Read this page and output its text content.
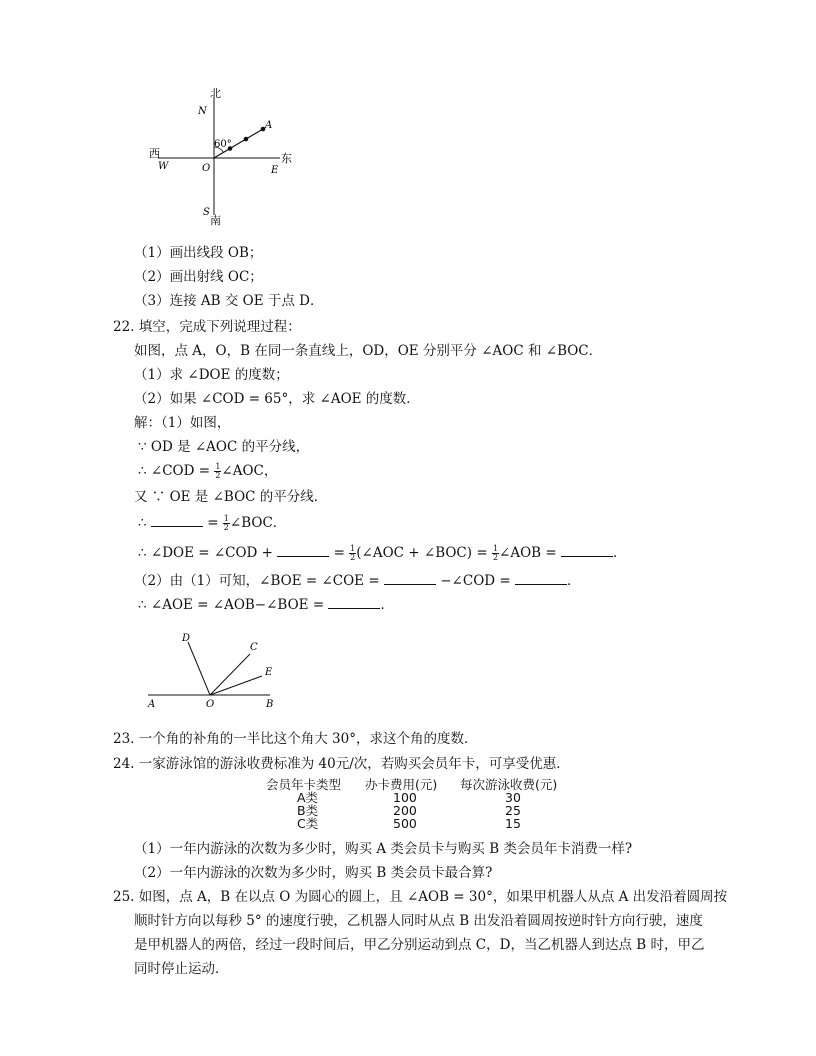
北
N
A
60°
西
W	O
东
E
S
南
（1）画出线段 OB；
（2）画出射线 OC；
（3）连接 AB 交 OE 于点 D．
22. 填空，完成下列说理过程：
如图，点 A，O，B 在同一条直线上，OD，OE 分别平分 ∠AOC 和 ∠BOC．
（1）求 ∠DOE 的度数；
（2）如果 ∠COD = 65°，求 ∠AOE 的度数．
解：（1）如图，
∵ OD 是 ∠AOC 的平分线，
∴ ∠COD = $\frac{1}{2}$ ∠AOC，
又 ∵ OE 是 ∠BOC 的平分线．
∴	= $\frac{1}{2}$ ∠BOC．
∴ ∠DOE = ∠COD +	= $\frac{1}{2}$ (∠AOC + ∠BOC) = $\frac{1}{2}$ ∠AOB =	．
（2）由（1）可知，∠BOE = ∠COE =	−∠COD =	．
∴ ∠AOE = ∠AOB−∠BOE =	．
D
C
E
A	O	B
23. 一个角的补角的一半比这个角大 30°，求这个角的度数．
24. 一家游泳馆的游泳收费标准为 40元/次，若购买会员年卡，可享受优惠．
会员年卡类型 办卡费用(元) 每次游泳收费(元)
A类	100	30
B类	200	25
C类	500	15
（1）一年内游泳的次数为多少时，购买 A 类会员卡与购买 B 类会员年卡消费一样?
（2）一年内游泳的次数为多少时，购买 B 类会员卡最合算?
25. 如图，点 A，B 在以点 O 为圆心的圆上，且 ∠AOB = 30°，如果甲机器人从点 A 出发沿着圆周按
顺时针方向以每秒 5° 的速度行驶，乙机器人同时从点 B 出发沿着圆周按逆时针方向行驶，速度
是甲机器人的两倍，经过一段时间后，甲乙分别运动到点 C，D，当乙机器人到达点 B 时，甲乙
同时停止运动．
